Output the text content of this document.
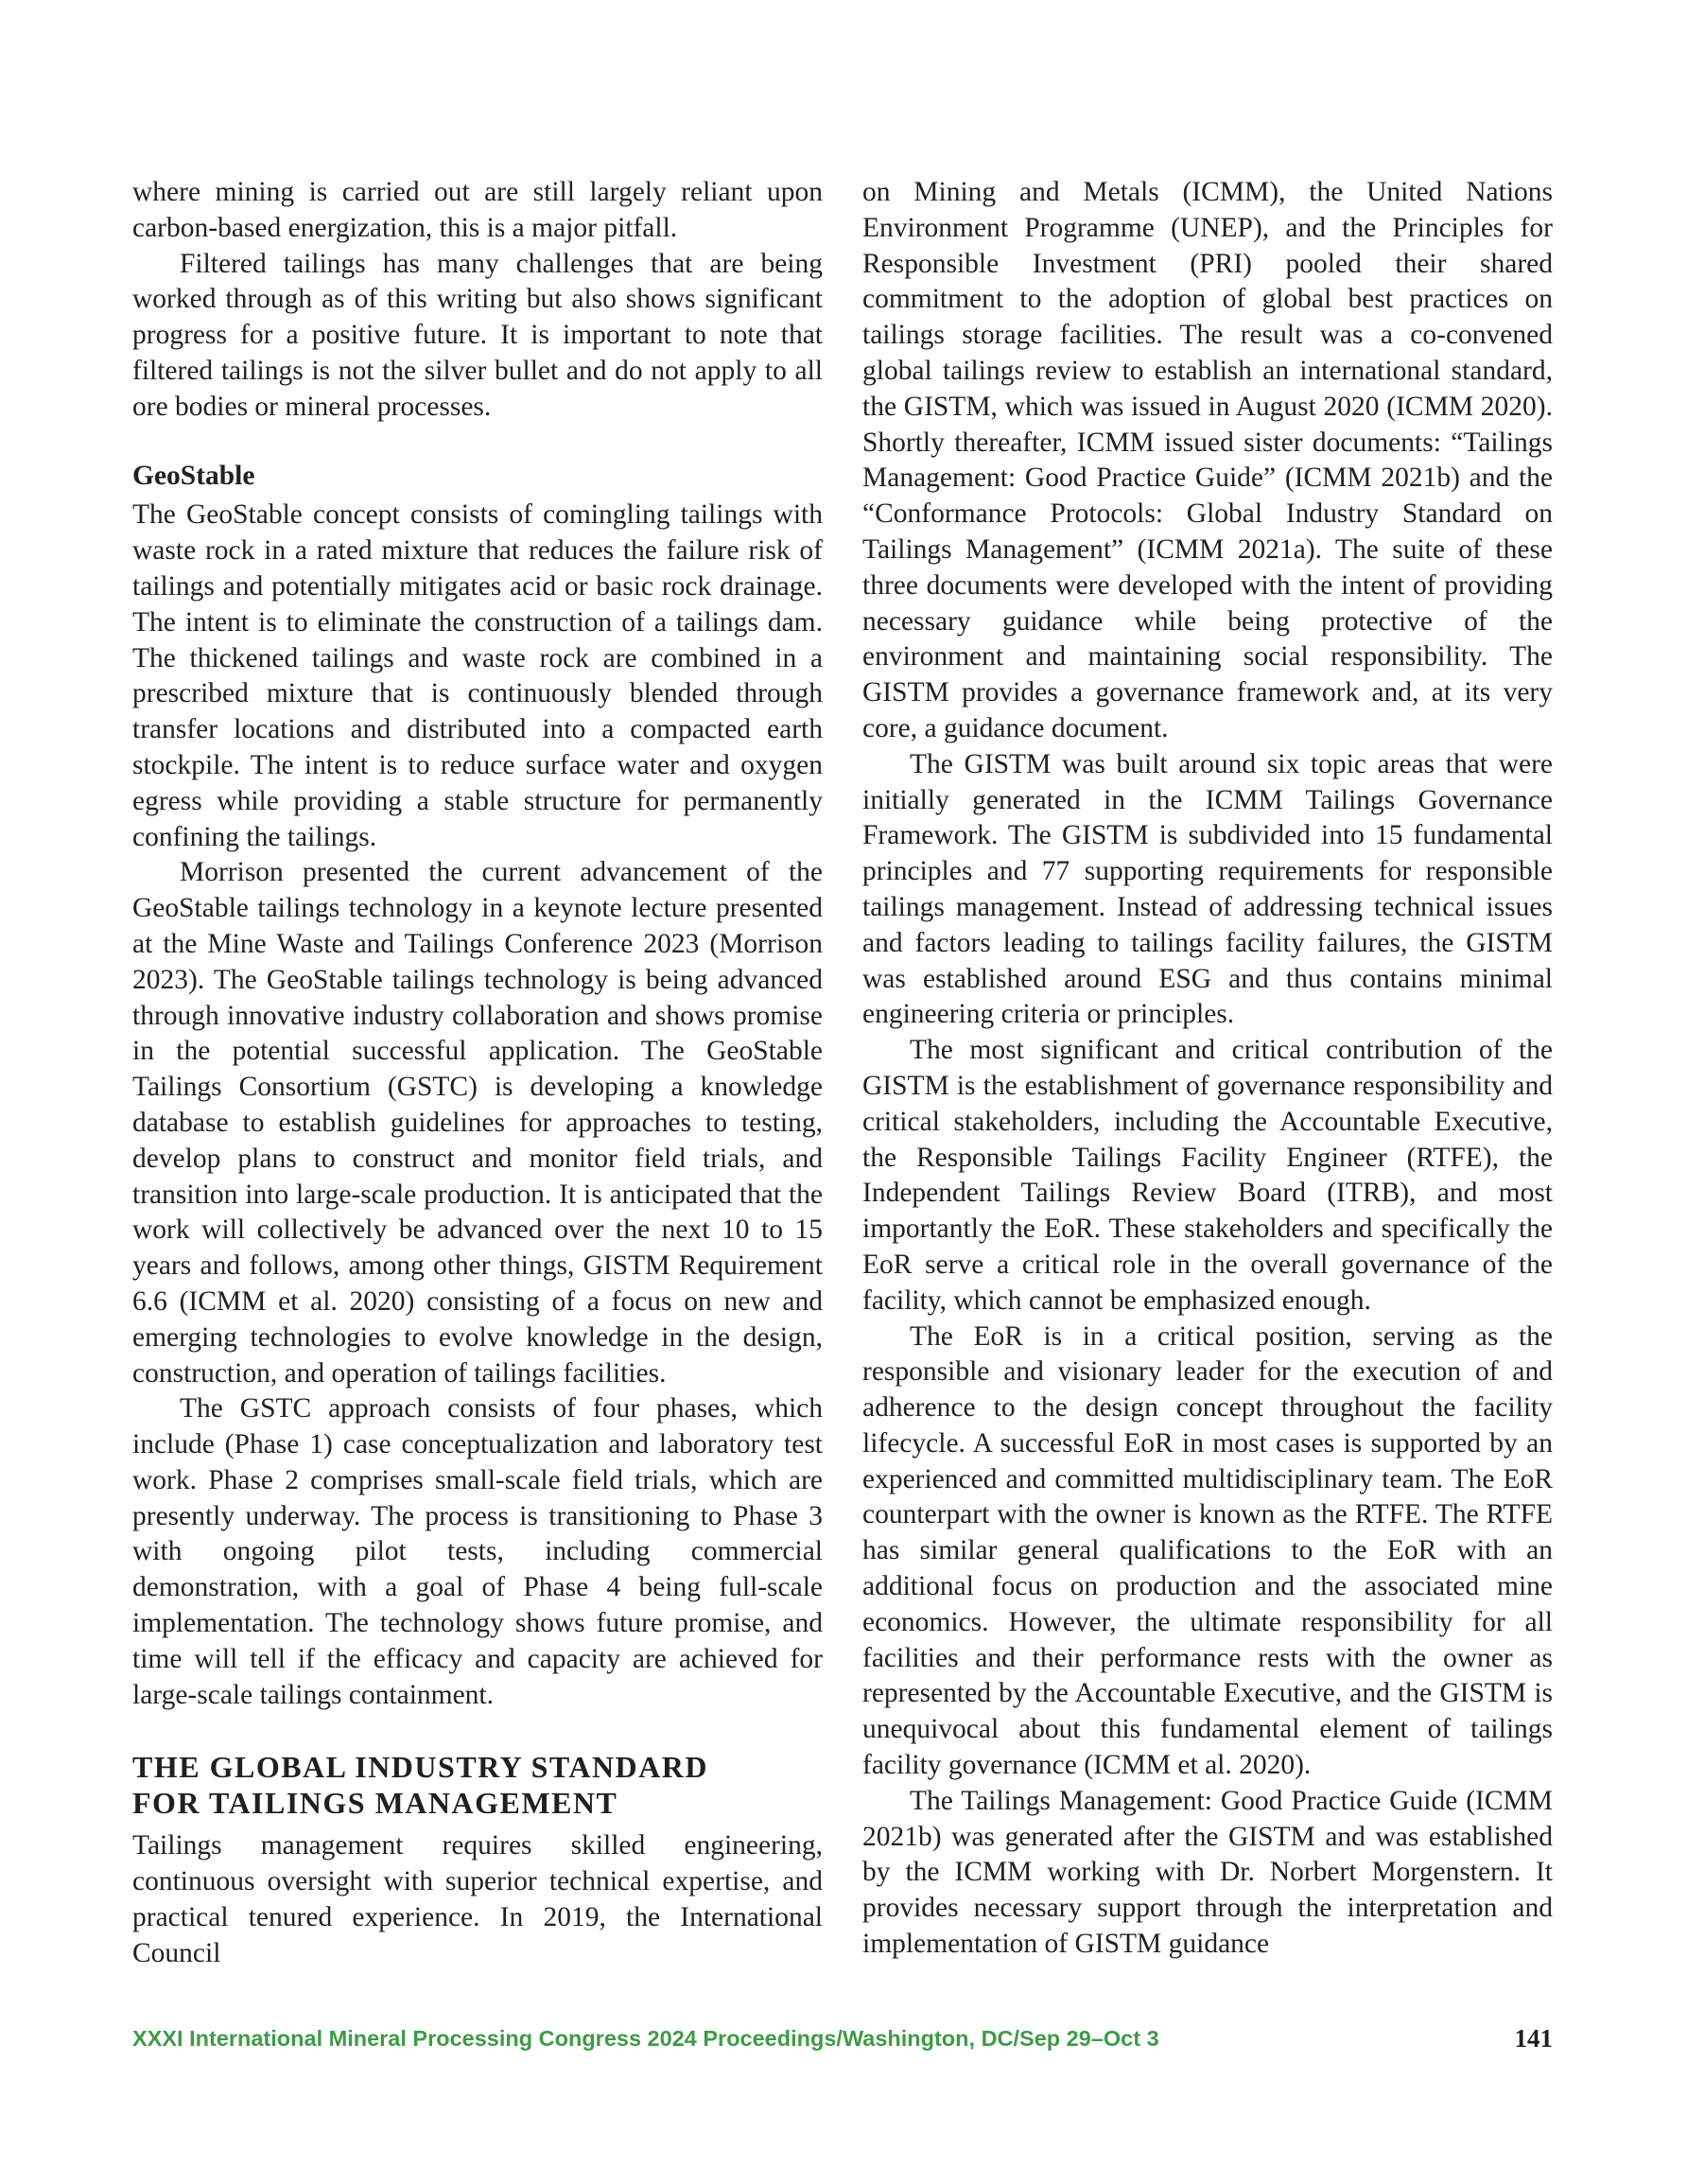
where mining is carried out are still largely reliant upon carbon-based energization, this is a major pitfall.

Filtered tailings has many challenges that are being worked through as of this writing but also shows significant progress for a positive future. It is important to note that filtered tailings is not the silver bullet and do not apply to all ore bodies or mineral processes.

GeoStable

The GeoStable concept consists of comingling tailings with waste rock in a rated mixture that reduces the failure risk of tailings and potentially mitigates acid or basic rock drainage. The intent is to eliminate the construction of a tailings dam. The thickened tailings and waste rock are combined in a prescribed mixture that is continuously blended through transfer locations and distributed into a compacted earth stockpile. The intent is to reduce surface water and oxygen egress while providing a stable structure for permanently confining the tailings.

Morrison presented the current advancement of the GeoStable tailings technology in a keynote lecture presented at the Mine Waste and Tailings Conference 2023 (Morrison 2023). The GeoStable tailings technology is being advanced through innovative industry collaboration and shows promise in the potential successful application. The GeoStable Tailings Consortium (GSTC) is developing a knowledge database to establish guidelines for approaches to testing, develop plans to construct and monitor field trials, and transition into large-scale production. It is anticipated that the work will collectively be advanced over the next 10 to 15 years and follows, among other things, GISTM Requirement 6.6 (ICMM et al. 2020) consisting of a focus on new and emerging technologies to evolve knowledge in the design, construction, and operation of tailings facilities.

The GSTC approach consists of four phases, which include (Phase 1) case conceptualization and laboratory test work. Phase 2 comprises small-scale field trials, which are presently underway. The process is transitioning to Phase 3 with ongoing pilot tests, including commercial demonstration, with a goal of Phase 4 being full-scale implementation. The technology shows future promise, and time will tell if the efficacy and capacity are achieved for large-scale tailings containment.

THE GLOBAL INDUSTRY STANDARD
FOR TAILINGS MANAGEMENT

Tailings management requires skilled engineering, continuous oversight with superior technical expertise, and practical tenured experience. In 2019, the International Council

on Mining and Metals (ICMM), the United Nations Environment Programme (UNEP), and the Principles for Responsible Investment (PRI) pooled their shared commitment to the adoption of global best practices on tailings storage facilities. The result was a co-convened global tailings review to establish an international standard, the GISTM, which was issued in August 2020 (ICMM 2020). Shortly thereafter, ICMM issued sister documents: “Tailings Management: Good Practice Guide” (ICMM 2021b) and the “Conformance Protocols: Global Industry Standard on Tailings Management” (ICMM 2021a). The suite of these three documents were developed with the intent of providing necessary guidance while being protective of the environment and maintaining social responsibility. The GISTM provides a governance framework and, at its very core, a guidance document.

The GISTM was built around six topic areas that were initially generated in the ICMM Tailings Governance Framework. The GISTM is subdivided into 15 fundamental principles and 77 supporting requirements for responsible tailings management. Instead of addressing technical issues and factors leading to tailings facility failures, the GISTM was established around ESG and thus contains minimal engineering criteria or principles.

The most significant and critical contribution of the GISTM is the establishment of governance responsibility and critical stakeholders, including the Accountable Executive, the Responsible Tailings Facility Engineer (RTFE), the Independent Tailings Review Board (ITRB), and most importantly the EoR. These stakeholders and specifically the EoR serve a critical role in the overall governance of the facility, which cannot be emphasized enough.

The EoR is in a critical position, serving as the responsible and visionary leader for the execution of and adherence to the design concept throughout the facility lifecycle. A successful EoR in most cases is supported by an experienced and committed multidisciplinary team. The EoR counterpart with the owner is known as the RTFE. The RTFE has similar general qualifications to the EoR with an additional focus on production and the associated mine economics. However, the ultimate responsibility for all facilities and their performance rests with the owner as represented by the Accountable Executive, and the GISTM is unequivocal about this fundamental element of tailings facility governance (ICMM et al. 2020).

The Tailings Management: Good Practice Guide (ICMM 2021b) was generated after the GISTM and was established by the ICMM working with Dr. Norbert Morgenstern. It provides necessary support through the interpretation and implementation of GISTM guidance

XXXI International Mineral Processing Congress 2024 Proceedings/Washington, DC/Sep 29–Oct 3	141
